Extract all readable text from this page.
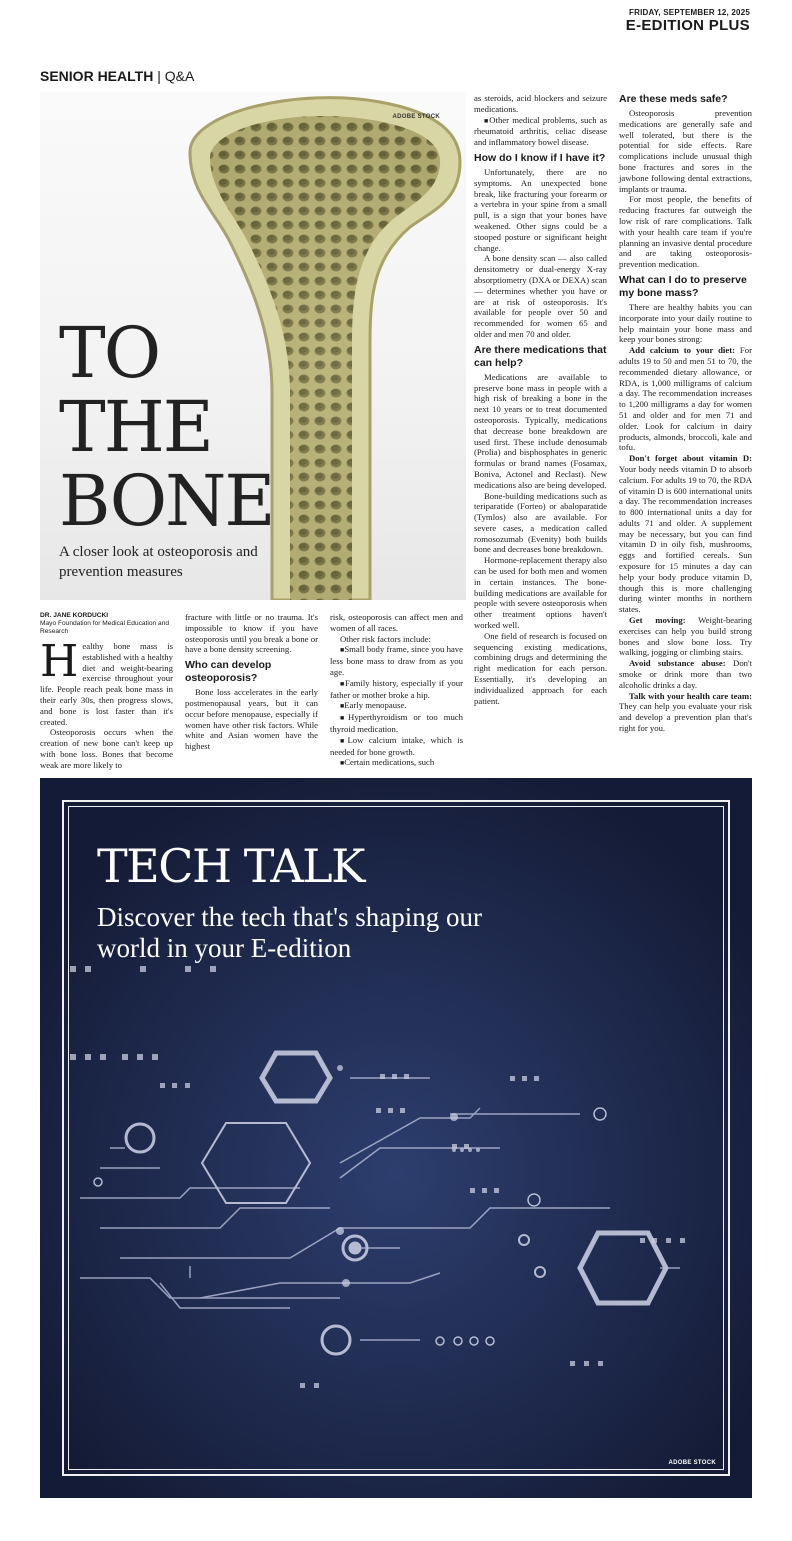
FRIDAY, SEPTEMBER 12, 2025
E-EDITION PLUS
SENIOR HEALTH | Q&A
ADOBE STOCK
TO
THE
BONE
A closer look at osteoporosis and prevention measures
DR. JANE KORDUCKI
Mayo Foundation for Medical Education and Research

Healthy bone mass is established with a healthy diet and weight-bearing exercise throughout your life. People reach peak bone mass in their early 30s, then progress slows, and bone is lost faster than it's created.

Osteoporosis occurs when the creation of new bone can't keep up with bone loss. Bones that become weak are more likely to

fracture with little or no trauma. It's impossible to know if you have osteoporosis until you break a bone or have a bone density screening.

Who can develop osteoporosis?

Bone loss accelerates in the early postmenopausal years, but it can occur before menopause, especially if women have other risk factors. While white and Asian women have the highest

risk, osteoporosis can affect men and women of all races.

Other risk factors include:

■ Small body frame, since you have less bone mass to draw from as you age.

■ Family history, especially if your father or mother broke a hip.

■ Early menopause.

■ Hyperthyroidism or too much thyroid medication.

■ Low calcium intake, which is needed for bone growth.

■ Certain medications, such

as steroids, acid blockers and seizure medications.

■ Other medical problems, such as rheumatoid arthritis, celiac disease and inflammatory bowel disease.

How do I know if I have it?

Unfortunately, there are no symptoms. An unexpected bone break, like fracturing your forearm or a vertebra in your spine from a small pull, is a sign that your bones have weakened. Other signs could be a stooped posture or significant height change.

A bone density scan — also called densitometry or dual-energy X-ray absorptiometry (DXA or DEXA) scan — determines whether you have or are at risk of osteoporosis. It's available for people over 50 and recommended for women 65 and older and men 70 and older.

Are there medications that can help?

Medications are available to preserve bone mass in people with a high risk of breaking a bone in the next 10 years or to treat documented osteoporosis. Typically, medications that decrease bone breakdown are used first. These include denosumab (Prolia) and bisphosphates in generic formulas or brand names (Fosamax, Boniva, Actonel and Reclast). New medications also are being developed.

Bone-building medications such as teriparatide (Forteo) or abaloparatide (Tymlos) also are available. For severe cases, a medication called romosozumab (Evenity) both builds bone and decreases bone breakdown.

Hormone-replacement therapy also can be used for both men and women in certain instances. The bone-building medications are available for people with severe osteoporosis when other treatment options haven't worked well.

One field of research is focused on sequencing existing medications, combining drugs and determining the right medication for each person. Essentially, it's developing an individualized approach for each patient.

Are these meds safe?

Osteoporosis prevention medications are generally safe and well tolerated, but there is the potential for side effects. Rare complications include unusual thigh bone fractures and sores in the jawbone following dental extractions, implants or trauma.

For most people, the benefits of reducing fractures far outweigh the low risk of rare complications. Talk with your health care team if you're planning an invasive dental procedure and are taking osteoporosis-prevention medication.

What can I do to preserve my bone mass?

There are healthy habits you can incorporate into your daily routine to help maintain your bone mass and keep your bones strong:

Add calcium to your diet: For adults 19 to 50 and men 51 to 70, the recommended dietary allowance, or RDA, is 1,000 milligrams of calcium a day. The recommendation increases to 1,200 milligrams a day for women 51 and older and for men 71 and older. Look for calcium in dairy products, almonds, broccoli, kale and tofu.

Don't forget about vitamin D: Your body needs vitamin D to absorb calcium. For adults 19 to 70, the RDA of vitamin D is 600 international units a day. The recommendation increases to 800 international units a day for adults 71 and older. A supplement may be necessary, but you can find vitamin D in oily fish, mushrooms, eggs and fortified cereals. Sun exposure for 15 minutes a day can help your body produce vitamin D, though this is more challenging during winter months in northern states.

Get moving: Weight-bearing exercises can help you build strong bones and slow bone loss. Try walking, jogging or climbing stairs.

Avoid substance abuse: Don't smoke or drink more than two alcoholic drinks a day.

Talk with your health care team: They can help you evaluate your risk and develop a prevention plan that's right for you.

TECH TALK
Discover the tech that's shaping our world in your E-edition
ADOBE STOCK
